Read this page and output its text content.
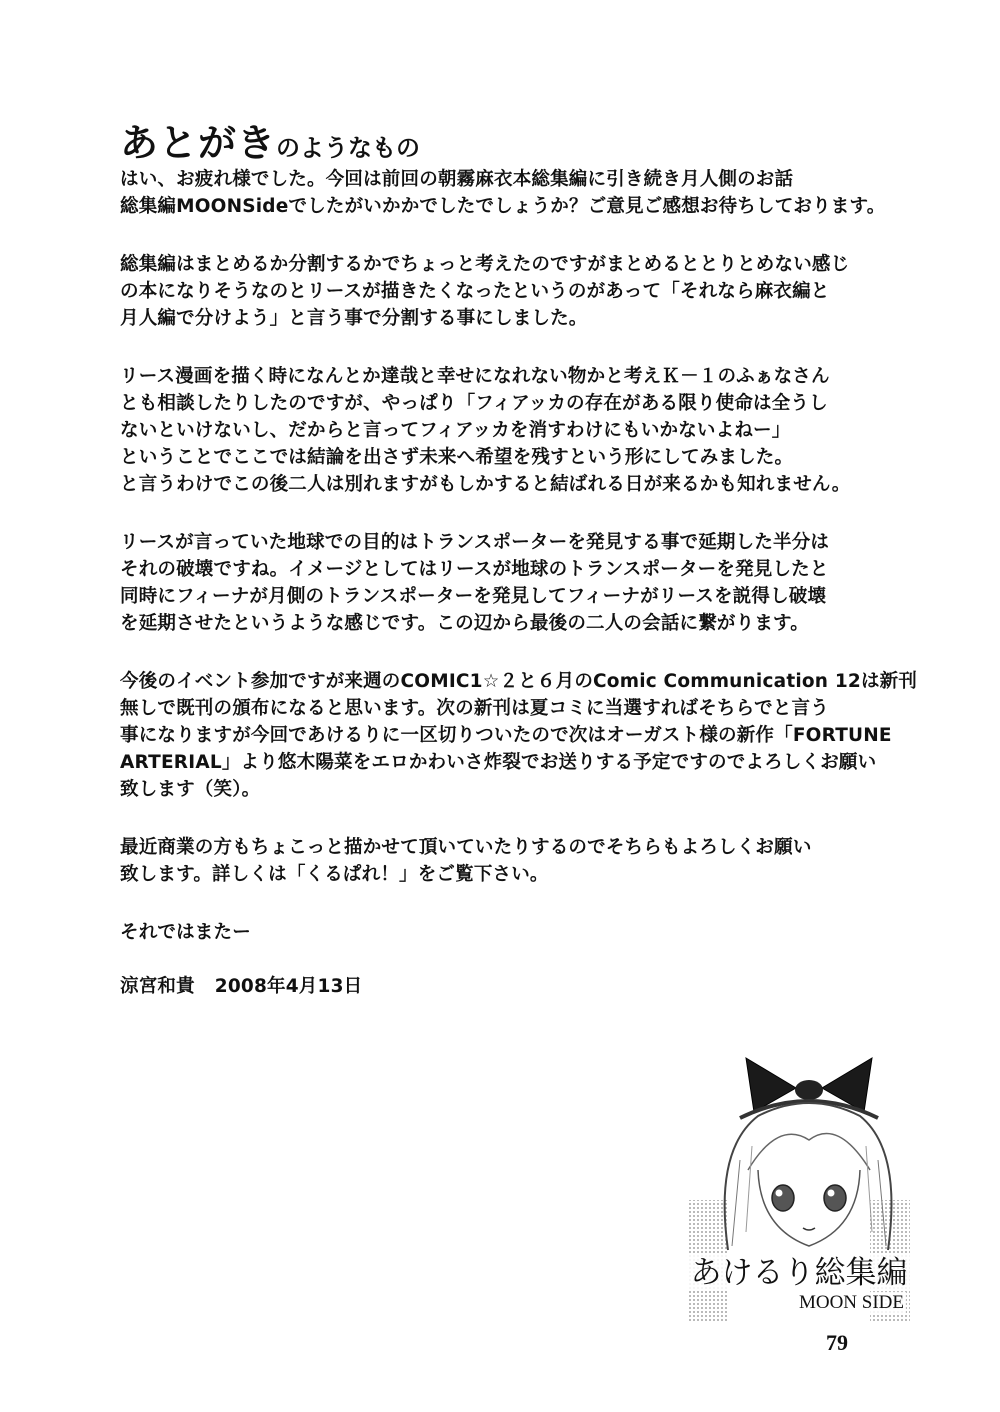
あとがきのようなもの

はい、お疲れ様でした。今回は前回の朝霧麻衣本総集編に引き続き月人側のお話
総集編MOONSideでしたがいかかでしたでしょうか？ご意見ご感想お待ちしております。

総集編はまとめるか分割するかでちょっと考えたのですがまとめるととりとめない感じ
の本になりそうなのとリースが描きたくなったというのがあって「それなら麻衣編と
月人編で分けよう」と言う事で分割する事にしました。

リース漫画を描く時になんとか達哉と幸せになれない物かと考えＫ－１のふぁなさん
とも相談したりしたのですが、やっぱり「フィアッカの存在がある限り使命は全うし
ないといけないし、だからと言ってフィアッカを消すわけにもいかないよねー」
ということでここでは結論を出さず未来へ希望を残すという形にしてみました。
と言うわけでこの後二人は別れますがもしかすると結ばれる日が来るかも知れません。

リースが言っていた地球での目的はトランスポーターを発見する事で延期した半分は
それの破壊ですね。イメージとしてはリースが地球のトランスポーターを発見したと
同時にフィーナが月側のトランスポーターを発見してフィーナがリースを説得し破壊
を延期させたというような感じです。この辺から最後の二人の会話に繋がります。

今後のイベント参加ですが来週のCOMIC1☆２と６月のComic Communication 12は新刊
無しで既刊の頒布になると思います。次の新刊は夏コミに当選すればそちらでと言う
事になりますが今回であけるりに一区切りついたので次はオーガスト様の新作「FORTUNE
ARTERIAL」より悠木陽菜をエロかわいさ炸裂でお送りする予定ですのでよろしくお願い
致します（笑）。

最近商業の方もちょこっと描かせて頂いていたりするのでそちらもよろしくお願い
致します。詳しくは「くるぱれ！」をご覧下さい。

それではまたー

涼宮和貴 2008年4月13日

あけるり総集編
MOON SIDE
79
